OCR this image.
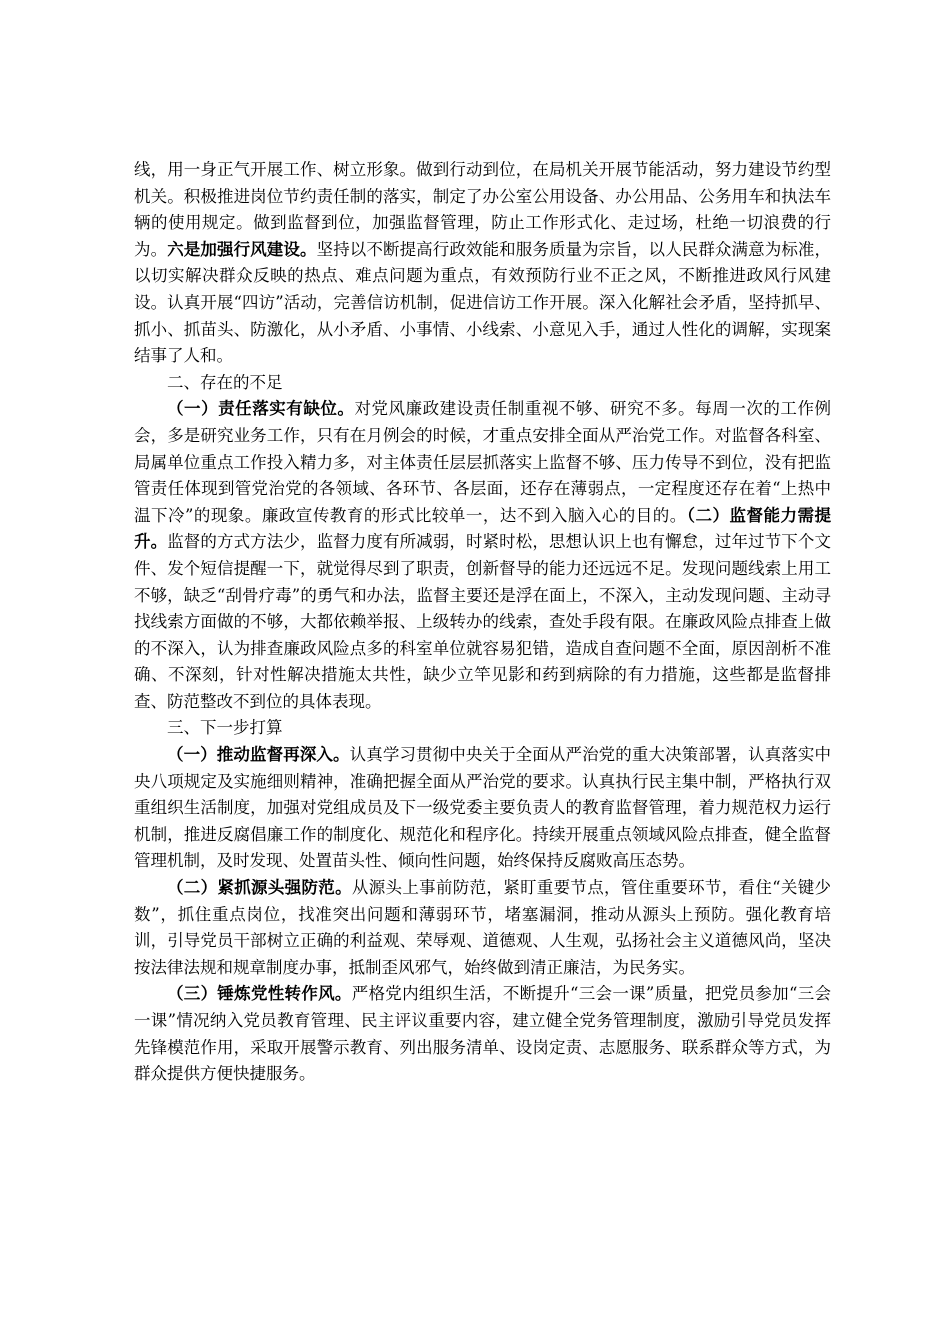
线，用一身正气开展工作、树立形象。做到行动到位，在局机关开展节能活动，努力建设节约型机关。积极推进岗位节约责任制的落实，制定了办公室公用设备、办公用品、公务用车和执法车辆的使用规定。做到监督到位，加强监督管理，防止工作形式化、走过场，杜绝一切浪费的行为。六是加强行风建设。坚持以不断提高行政效能和服务质量为宗旨，以人民群众满意为标准，以切实解决群众反映的热点、难点问题为重点，有效预防行业不正之风，不断推进政风行风建设。认真开展“四访”活动，完善信访机制，促进信访工作开展。深入化解社会矛盾，坚持抓早、抓小、抓苗头、防激化，从小矛盾、小事情、小线索、小意见入手，通过人性化的调解，实现案结事了人和。

二、存在的不足

（一）责任落实有缺位。对党风廉政建设责任制重视不够、研究不多。每周一次的工作例会，多是研究业务工作，只有在月例会的时候，才重点安排全面从严治党工作。对监督各科室、局属单位重点工作投入精力多，对主体责任层层抓落实上监督不够、压力传导不到位，没有把监管责任体现到管党治党的各领域、各环节、各层面，还存在薄弱点，一定程度还存在着“上热中温下冷”的现象。廉政宣传教育的形式比较单一，达不到入脑入心的目的。（二）监督能力需提升。监督的方式方法少，监督力度有所减弱，时紧时松，思想认识上也有懈怠，过年过节下个文件、发个短信提醒一下，就觉得尽到了职责，创新督导的能力还远远不足。发现问题线索上用工不够，缺乏“刮骨疗毒”的勇气和办法，监督主要还是浮在面上，不深入，主动发现问题、主动寻找线索方面做的不够，大都依赖举报、上级转办的线索，查处手段有限。在廉政风险点排查上做的不深入，认为排查廉政风险点多的科室单位就容易犯错，造成自查问题不全面，原因剖析不准确、不深刻，针对性解决措施太共性，缺少立竿见影和药到病除的有力措施，这些都是监督排查、防范整改不到位的具体表现。

三、下一步打算

（一）推动监督再深入。认真学习贯彻中央关于全面从严治党的重大决策部署，认真落实中央八项规定及实施细则精神，准确把握全面从严治党的要求。认真执行民主集中制，严格执行双重组织生活制度，加强对党组成员及下一级党委主要负责人的教育监督管理，着力规范权力运行机制，推进反腐倡廉工作的制度化、规范化和程序化。持续开展重点领域风险点排查，健全监督管理机制，及时发现、处置苗头性、倾向性问题，始终保持反腐败高压态势。

（二）紧抓源头强防范。从源头上事前防范，紧盯重要节点，管住重要环节，看住“关键少数”，抓住重点岗位，找准突出问题和薄弱环节，堵塞漏洞，推动从源头上预防。强化教育培训，引导党员干部树立正确的利益观、荣辱观、道德观、人生观，弘扬社会主义道德风尚，坚决按法律法规和规章制度办事，抵制歪风邪气，始终做到清正廉洁，为民务实。

（三）锤炼党性转作风。严格党内组织生活，不断提升“三会一课”质量，把党员参加“三会一课”情况纳入党员教育管理、民主评议重要内容，建立健全党务管理制度，激励引导党员发挥先锋模范作用，采取开展警示教育、列出服务清单、设岗定责、志愿服务、联系群众等方式，为群众提供方便快捷服务。
